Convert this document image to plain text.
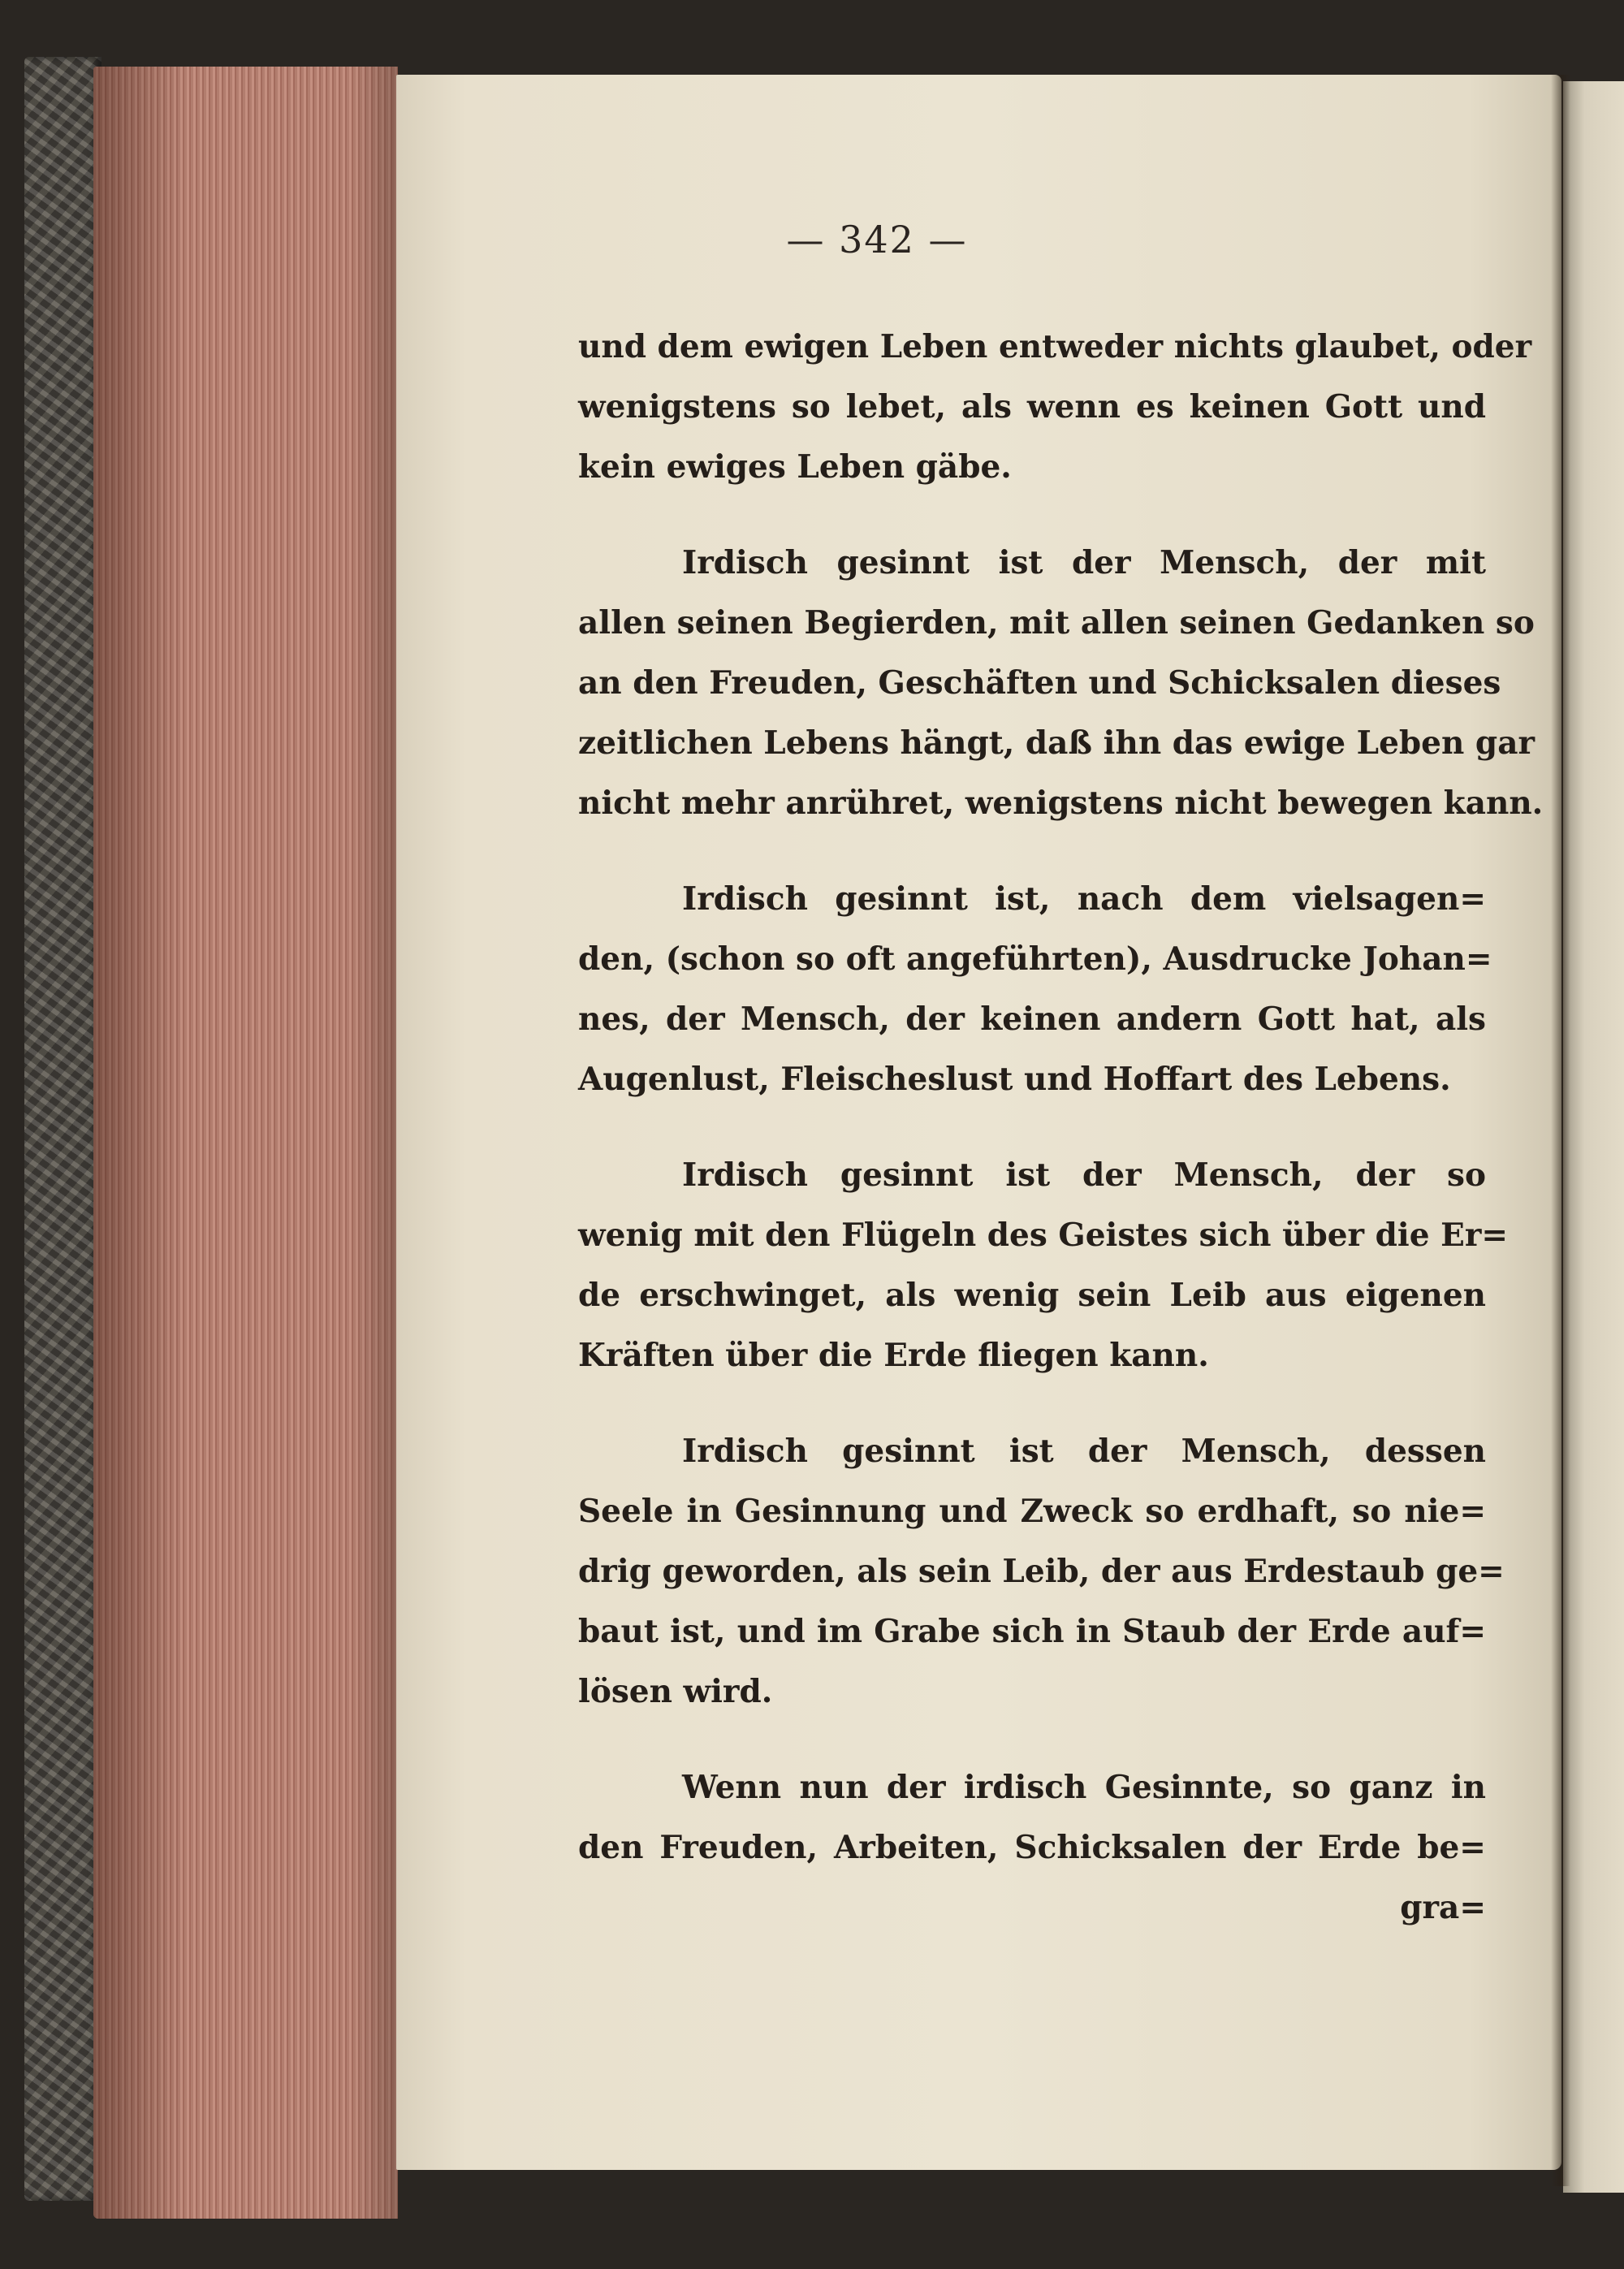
— 342 —
und dem ewigen Leben entweder nichts glaubet, oder
wenigstens so lebet, als wenn es keinen Gott und
kein ewiges Leben gäbe.
Irdisch gesinnt ist der Mensch, der mit
allen seinen Begierden, mit allen seinen Gedanken so
an den Freuden, Geschäften und Schicksalen dieses
zeitlichen Lebens hängt, daß ihn das ewige Leben gar
nicht mehr anrühret, wenigstens nicht bewegen kann.
Irdisch gesinnt ist, nach dem vielsagen=
den, (schon so oft angeführten), Ausdrucke Johan=
nes, der Mensch, der keinen andern Gott hat, als
Augenlust, Fleischeslust und Hoffart des Lebens.
Irdisch gesinnt ist der Mensch, der so
wenig mit den Flügeln des Geistes sich über die Er=
de erschwinget, als wenig sein Leib aus eigenen
Kräften über die Erde fliegen kann.
Irdisch gesinnt ist der Mensch, dessen
Seele in Gesinnung und Zweck so erdhaft, so nie=
drig geworden, als sein Leib, der aus Erdestaub ge=
baut ist, und im Grabe sich in Staub der Erde auf=
lösen wird.
Wenn nun der irdisch Gesinnte, so ganz in
den Freuden, Arbeiten, Schicksalen der Erde be=
gra=
